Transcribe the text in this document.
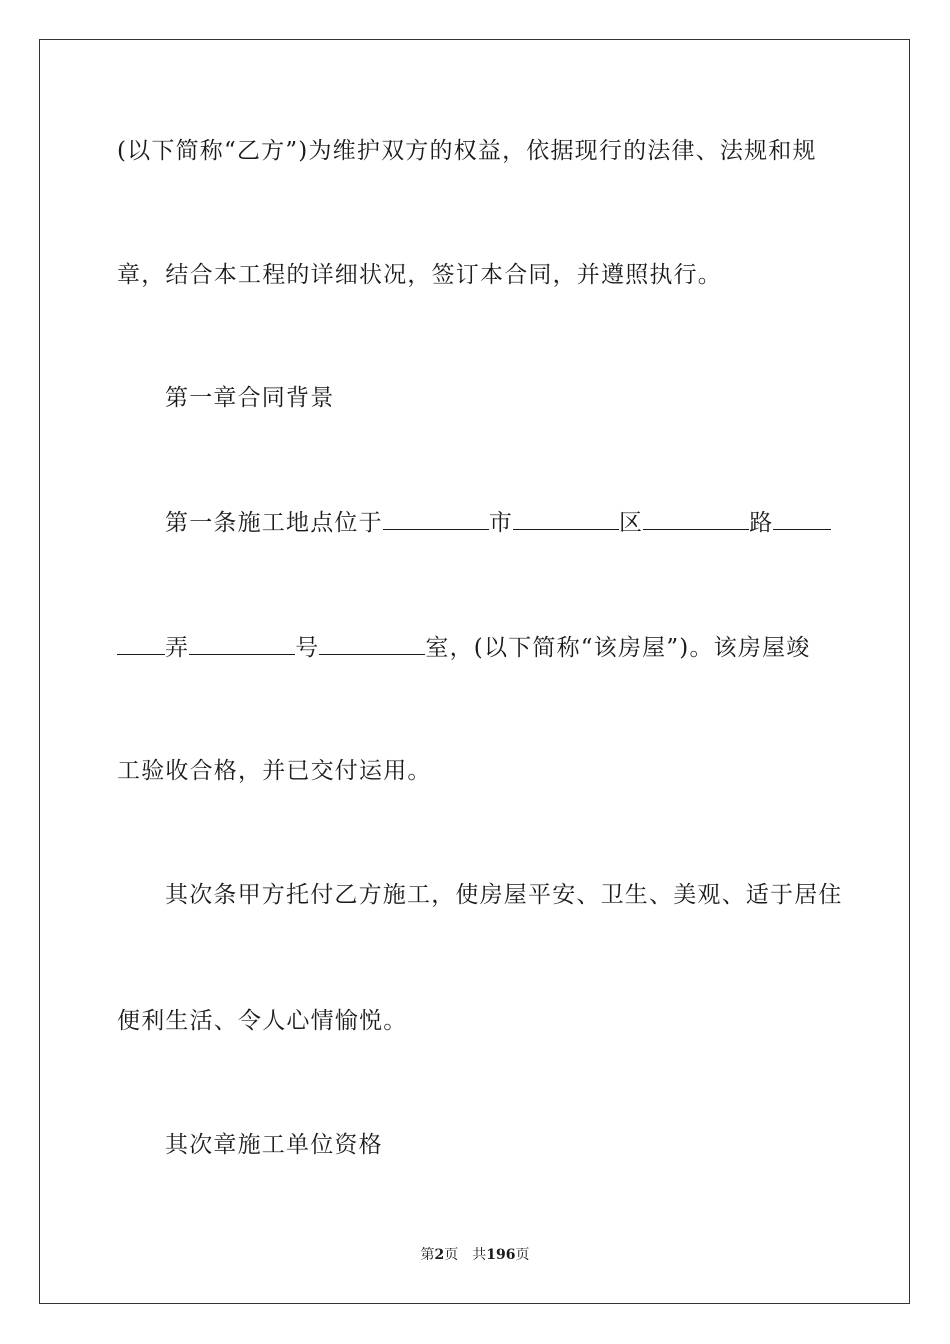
(以下简称“乙方”)为维护双方的权益，依据现行的法律、法规和规
章，结合本工程的详细状况，签订本合同，并遵照执行。
第一章合同背景
第一条施工地点位于	市	区	路
弄	号	室，(以下简称“该房屋”)。该房屋竣
工验收合格，并已交付运用。
其次条甲方托付乙方施工，使房屋平安、卫生、美观、适于居住
便利生活、令人心情愉悦。
其次章施工单位资格
第2页 共196页
